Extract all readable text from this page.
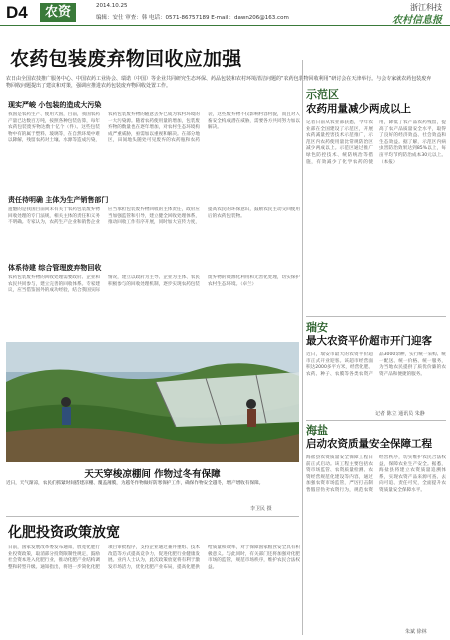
D4	农资	2014.10.25
编辑：安仕 审查：韩 电话：0571-86757189 E-mail：dawn206@163.com
浙江科技
农村信息报
农药包装废弃物回收应加强
农日由全国农技推广服务中心、中国农药工业协会、瑞诺（中国）等企业共同研究生态环保、药品包装和农村环境清洁问题的“农药包装物回收利用”研讨会在天津举行。与会专家就农药包装废弃物回收问题提出了建议和对策，强调应推进农药包装废弃物回收处置工作。
现实严峻 小包装的造成大污染
我国是农药生产、使用大国，目前，我国农药产量已达数百万吨，按照各种包装估算，每年农药包装废弃物达数十亿个（件）。这些包装物中有的属于塑料、玻璃等，在自然环境中难以降解，残留农药对土壤、水源等造成污染，农药包装废弃物的随意丢弃已成为农村环境的一大污染源。随着农药使用量的增加，包装废弃物的数量也在逐年增加，对农村生态环境构成严重威胁，亟需加以重视和解决。在部分地区，田间地头随处可见废弃的农药瓶和农药袋，这些废弃物不仅影响村容村貌，而且对人畜安全构成潜在威胁，需要各方共同努力加以解决。
责任待明确 主体为生产销售部门
遗憾的是我国目前尚未有关于农药包装废弃物回收处理的专门法规，相关主体的责任和义务不明确。专家认为，农药生产企业和销售企业应当承担包装废弃物回收的主体责任，政府应当加强监管和引导，建立健全回收处理体系，推动回收工作有序开展，同时加大宣传力度，提高农民的环保意识，鼓励农民主动交回使用后的农药包装物。
体系待建 综合管理废弃物回收
农药包装废弃物的回收处理需要政府、企业和农民共同参与，建立完善的回收体系。专家建议，应当借鉴国外的成功经验，结合我国实际情况，建立以政府为主导、企业为主体、农民积极参与的回收处理机制，逐步实现农药包装废弃物的资源化利用和无害化处理，切实保护农村生态环境。（卓兰）
天天穿梭凉棚间 作物过冬有保障
近日，天气渐凉，农民们抓紧时间搭建凉棚、覆盖薄膜，为越冬作物做好防寒保护工作，确保作物安全越冬，增产增收有保障。
李卫民 摄
化肥投资政策放宽
日前，国家发展改革委发布通知，放宽化肥行业投资政策，取消部分投资限制性规定，鼓励社会资本进入化肥行业，推动化肥产业结构调整和转型升级。通知指出，将进一步简化化肥项目审批程序，支持企业通过兼并重组、技术改造等方式提高竞争力，促进化肥行业健康发展。业内人士认为，此次政策放宽将有利于激发市场活力，优化化肥产业布局，提高化肥供给质量和效率，对于保障国家粮食安全具有积极意义。与此同时，有关部门还将加强对化肥市场的监管，规范市场秩序，维护农民合法权益。
示范区
农药用量减少两成以上
记者日前从农业部获悉，今年农业部在全国建设了示范区，开展农药减量控害技术示范推广，示范区内农药使用量比常规防治区减少两成以上。示范区通过推广绿色防控技术、统防统治等措施，有效减少了化学农药的使用，降低了农产品农药残留，提高了农产品质量安全水平，取得了良好的经济效益、社会效益和生态效益。据了解，示范区内病虫害防治效果达到85%以上，每亩平均节约防治成本30元以上。（本报）
瑞安
最大农资平价超市开门迎客
近日，瑞安市最大的农资平价超市正式开业迎客。该超市经营面积达2000多平方米，经营化肥、农药、种子、农膜等各类农资产品3000余种，实行统一采购、统一配送、统一价格、统一服务，为当地农民提供了质优价廉的农资产品和便捷的服务。
记者 陈立 通讯员 朱静
海盐
启动农资质量安全保障工程
海盐县农资质量安全保障工程日前正式启动。该工程主要包括农资市场监管、农资质量检测、农资经营规范化建设等内容，通过加强农资市场监管，严厉打击制售假冒伪劣农资行为，规范农资经营秩序，切实维护农民合法权益，保障农业生产安全。据悉，海盐县将建立农资质量追溯体系，实现农资产品来源可查、去向可追、责任可究，全面提升农资质量安全保障水平。
朱斌 徐林
